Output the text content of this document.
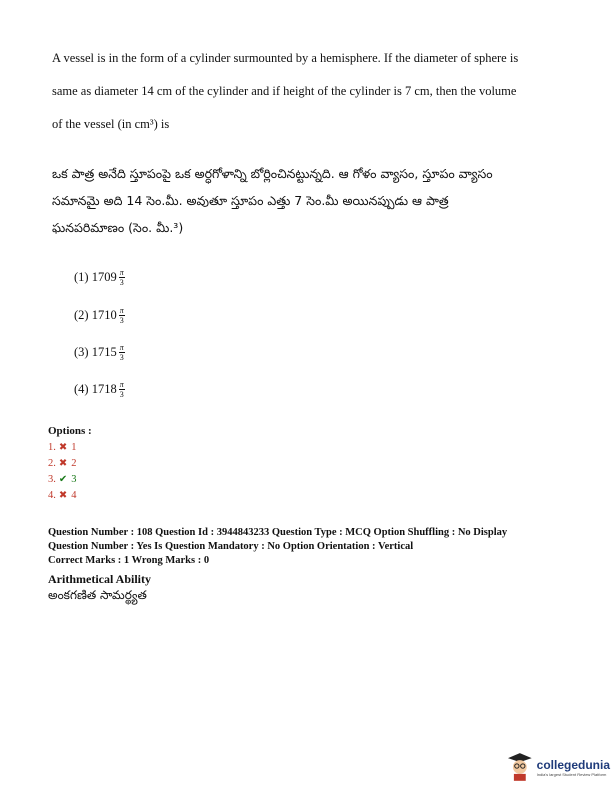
A vessel is in the form of a cylinder surmounted by a hemisphere. If the diameter of sphere is same as diameter 14 cm of the cylinder and if height of the cylinder is 7 cm, then the volume of the vessel (in cm³) is
ఒక పాత్ర అనేది స్తూపంపై ఒక అర్ధగోళాన్ని బోర్లించినట్టున్నది. ఆ గోళం వ్యాసం, స్తూపం వ్యాసం సమానమై అది 14 సెం.మీ. అవుతూ స్తూపం ఎత్తు 7 సెం.మీ అయినప్పుడు ఆ పాత్ర ఘనపరిమాణం (సెం. మీ.³)
(1) $1709 \frac{\pi}{3}$
(2) $1710 \frac{\pi}{3}$
(3) $1715 \frac{\pi}{3}$
(4) $1718 \frac{\pi}{3}$
Options :
1. ✖ 1
2. ✖ 2
3. ✔ 3
4. ✖ 4
Question Number : 108 Question Id : 3944843233 Question Type : MCQ Option Shuffling : No Display
Question Number : Yes Is Question Mandatory : No Option Orientation : Vertical
Correct Marks : 1 Wrong Marks : 0
Arithmetical Ability
అంకగణిత సామర్థ్యత
collegedunia
India's largest Student Review Platform
